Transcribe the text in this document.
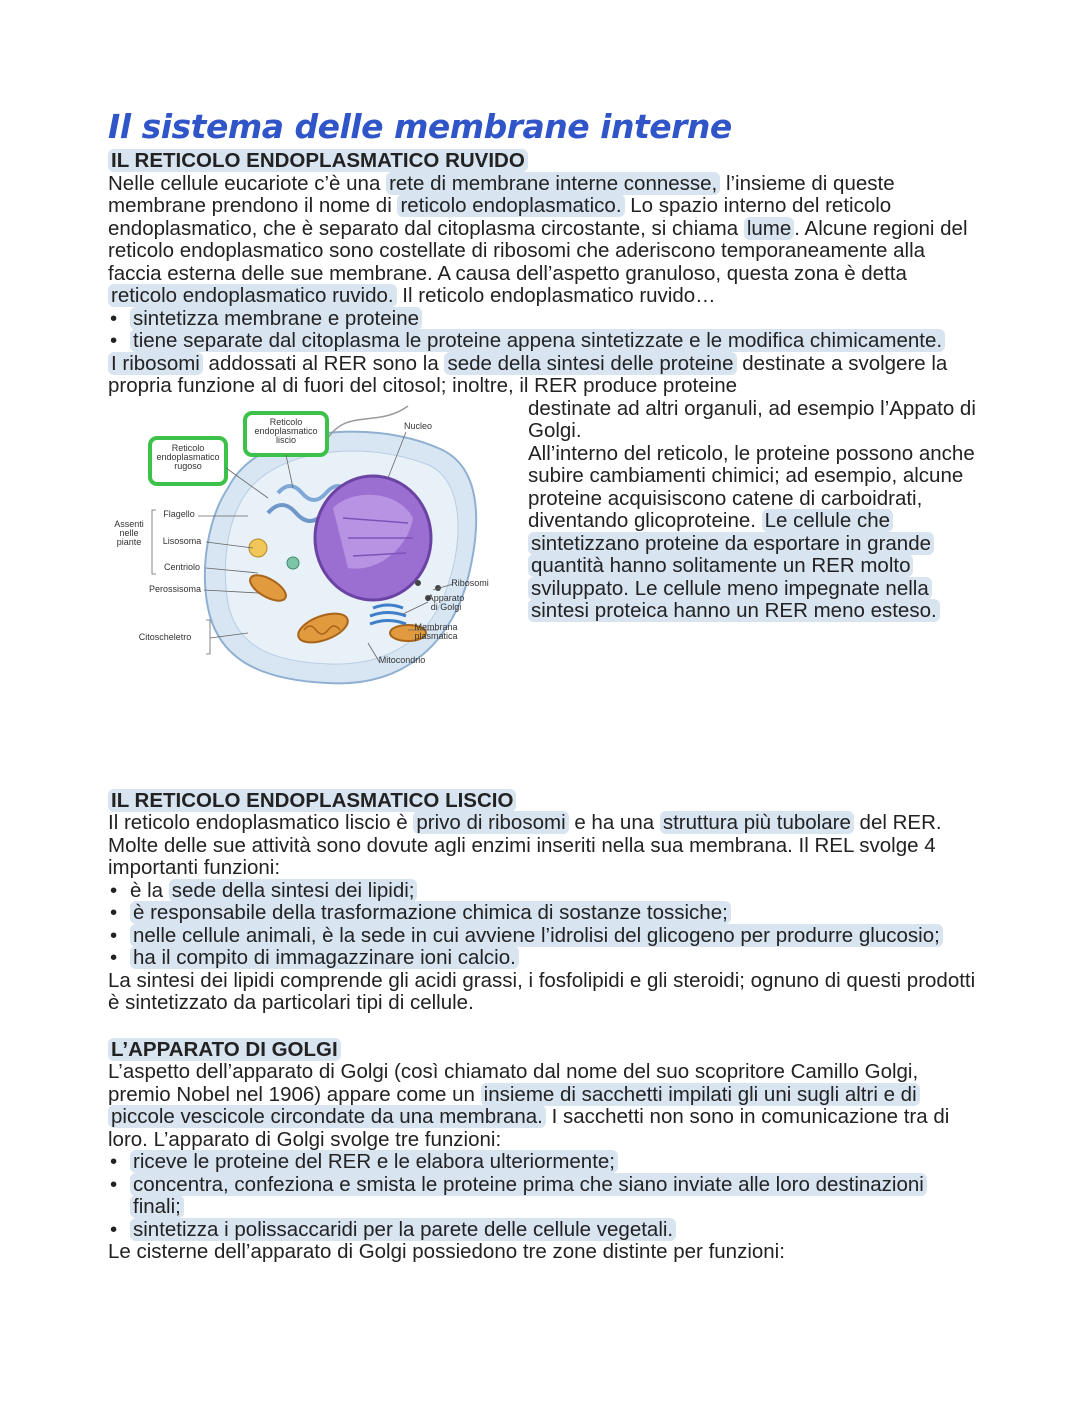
Il sistema delle membrane interne
IL RETICOLO ENDOPLASMATICO RUVIDO

Nelle cellule eucariote c’è una rete di membrane interne connesse, l’insieme di queste membrane prendono il nome di reticolo endoplasmatico. Lo spazio interno del reticolo endoplasmatico, che è separato dal citoplasma circostante, si chiama lume . Alcune regioni del reticolo endoplasmatico sono costellate di ribosomi che aderiscono temporaneamente alla faccia esterna delle sue membrane. A causa dell’aspetto granuloso, questa zona è detta reticolo endoplasmatico ruvido. Il reticolo endoplasmatico ruvido…

• sintetizza membrane e proteine
• tiene separate dal citoplasma le proteine appena sintetizzate e le modifica chimicamente.

I ribosomi addossati al RER sono la sede della sintesi delle proteine destinate a svolgere la propria funzione al di fuori del citosol; inoltre, il RER produce proteine

Reticolo endoplasmatico rugoso
Reticolo endoplasmatico liscio
Nucleo
Assenti nelle piante
Flagello
Lisosoma
Centriolo
Perossisoma
Ribosomi
Apparato di Golgi
Membrana plasmatica
Citoscheletro
Mitocondrio

destinate ad altri organuli, ad esempio l’Appato di Golgi.
All’interno del reticolo, le proteine possono anche subire cambiamenti chimici; ad esempio, alcune proteine acquisiscono catene di carboidrati, diventando glicoproteine. Le cellule che sintetizzano proteine da esportare in grande quantità hanno solitamente un RER molto sviluppato. Le cellule meno impegnate nella sintesi proteica hanno un RER meno esteso.

IL RETICOLO ENDOPLASMATICO LISCIO

Il reticolo endoplasmatico liscio è privo di ribosomi e ha una struttura più tubolare del RER. Molte delle sue attività sono dovute agli enzimi inseriti nella sua membrana. Il REL svolge 4 importanti funzioni:

• è la sede della sintesi dei lipidi;
• è responsabile della trasformazione chimica di sostanze tossiche;
• nelle cellule animali, è la sede in cui avviene l’idrolisi del glicogeno per produrre glucosio;
• ha il compito di immagazzinare ioni calcio.

La sintesi dei lipidi comprende gli acidi grassi, i fosfolipidi e gli steroidi; ognuno di questi prodotti è sintetizzato da particolari tipi di cellule.

L’APPARATO DI GOLGI

L’aspetto dell’apparato di Golgi (così chiamato dal nome del suo scopritore Camillo Golgi, premio Nobel nel 1906) appare come un insieme di sacchetti impilati gli uni sugli altri e di piccole vescicole circondate da una membrana. I sacchetti non sono in comunicazione tra di loro. L’apparato di Golgi svolge tre funzioni:

• riceve le proteine del RER e le elabora ulteriormente;
• concentra, confeziona e smista le proteine prima che siano inviate alle loro destinazioni finali;
• sintetizza i polissaccaridi per la parete delle cellule vegetali.

Le cisterne dell’apparato di Golgi possiedono tre zone distinte per funzioni:
